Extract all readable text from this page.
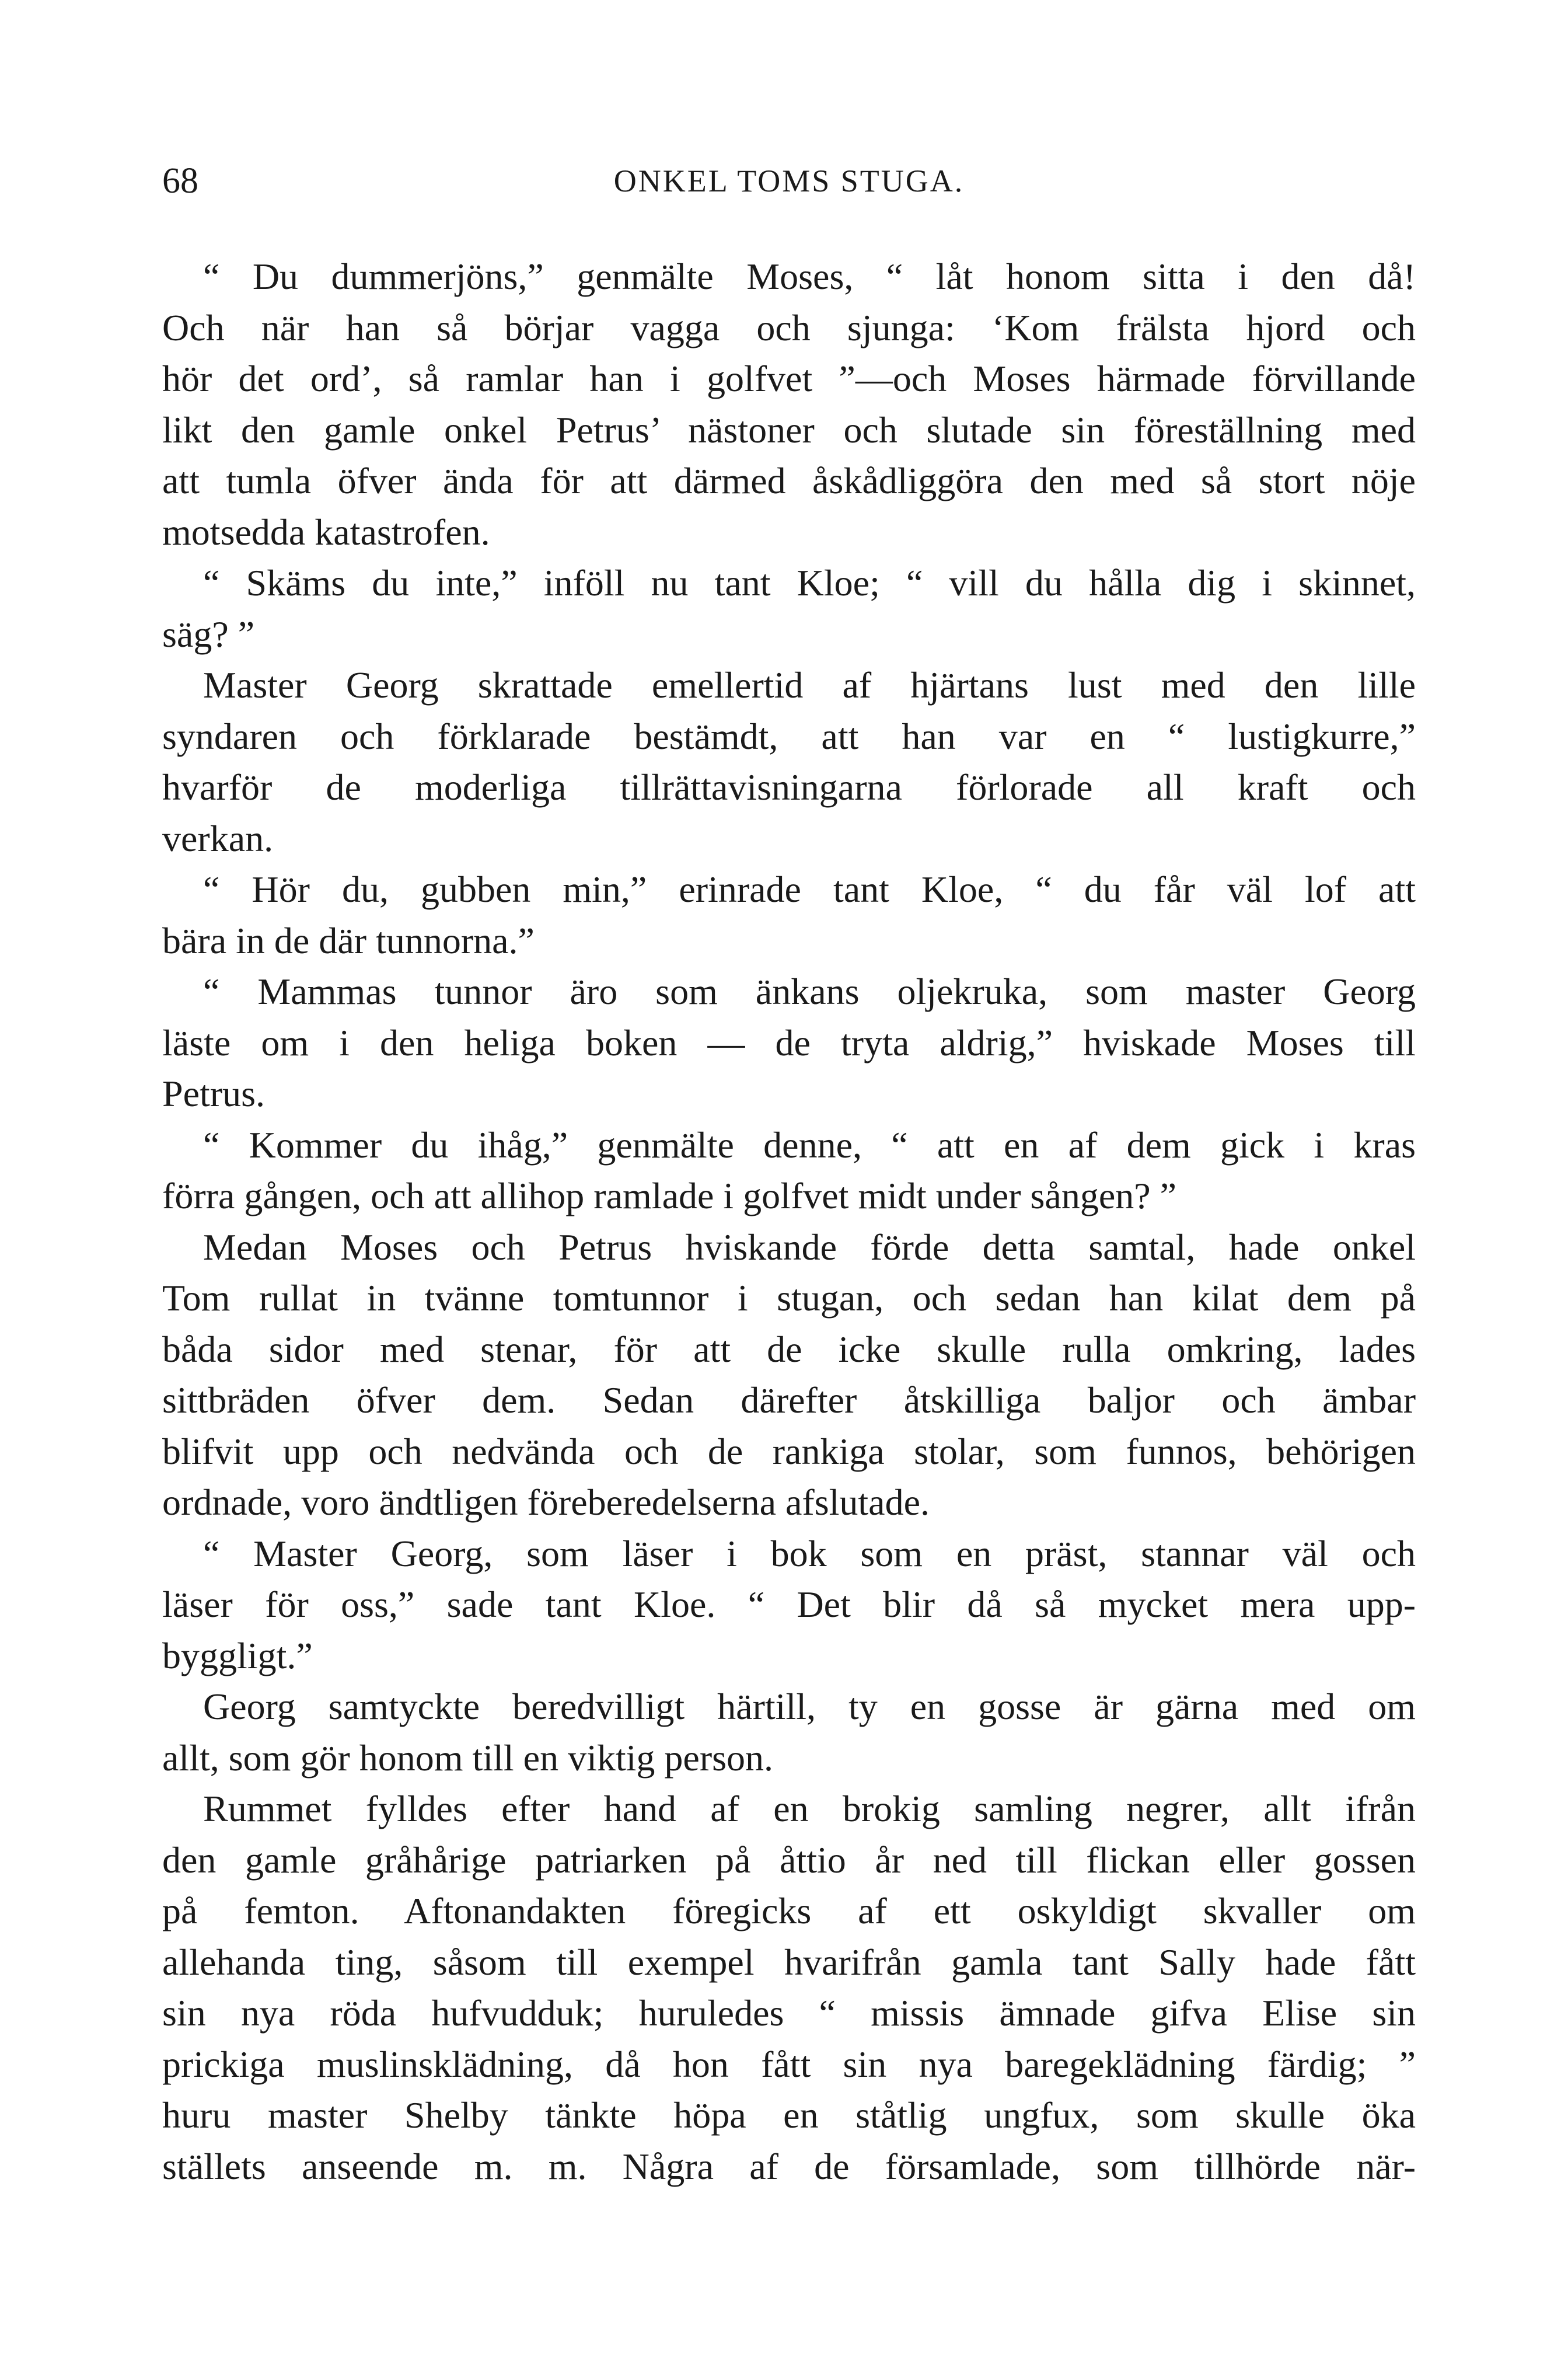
68	ONKEL TOMS STUGA.
“ Du dummerjöns,” genmälte Moses, “ låt honom sitta i den då!
Och när han så börjar vagga och sjunga: ‘Kom frälsta hjord och
hör det ord’, så ramlar han i golfvet ”—och Moses härmade förvillande
likt den gamle onkel Petrus’ nästoner och slutade sin föreställning med
att tumla öfver ända för att därmed åskådliggöra den med så stort nöje
motsedda katastrofen.
“ Skäms du inte,” inföll nu tant Kloe; “ vill du hålla dig i skinnet,
säg? ”
Master Georg skrattade emellertid af hjärtans lust med den lille
syndaren och förklarade bestämdt, att han var en “ lustigkurre,”
hvarför de moderliga tillrättavisningarna förlorade all kraft och
verkan.
“ Hör du, gubben min,” erinrade tant Kloe, “ du får väl lof att
bära in de där tunnorna.”
“ Mammas tunnor äro som änkans oljekruka, som master Georg
läste om i den heliga boken — de tryta aldrig,” hviskade Moses till
Petrus.
“ Kommer du ihåg,” genmälte denne, “ att en af dem gick i kras
förra gången, och att allihop ramlade i golfvet midt under sången? ”
Medan Moses och Petrus hviskande förde detta samtal, hade onkel
Tom rullat in tvänne tomtunnor i stugan, och sedan han kilat dem på
båda sidor med stenar, för att de icke skulle rulla omkring, lades
sittbräden öfver dem. Sedan därefter åtskilliga baljor och ämbar
blifvit upp och nedvända och de rankiga stolar, som funnos, behörigen
ordnade, voro ändtligen föreberedelserna afslutade.
“ Master Georg, som läser i bok som en präst, stannar väl och
läser för oss,” sade tant Kloe. “ Det blir då så mycket mera upp-
byggligt.”
Georg samtyckte beredvilligt härtill, ty en gosse är gärna med om
allt, som gör honom till en viktig person.
Rummet fylldes efter hand af en brokig samling negrer, allt ifrån
den gamle gråhårige patriarken på åttio år ned till flickan eller gossen
på femton. Aftonandakten föregicks af ett oskyldigt skvaller om
allehanda ting, såsom till exempel hvarifrån gamla tant Sally hade fått
sin nya röda hufvudduk; huruledes “ missis ämnade gifva Elise sin
prickiga muslinsklädning, då hon fått sin nya baregeklädning färdig; ”
huru master Shelby tänkte höpa en ståtlig ungfux, som skulle öka
ställets anseende m. m. Några af de församlade, som tillhörde när-
